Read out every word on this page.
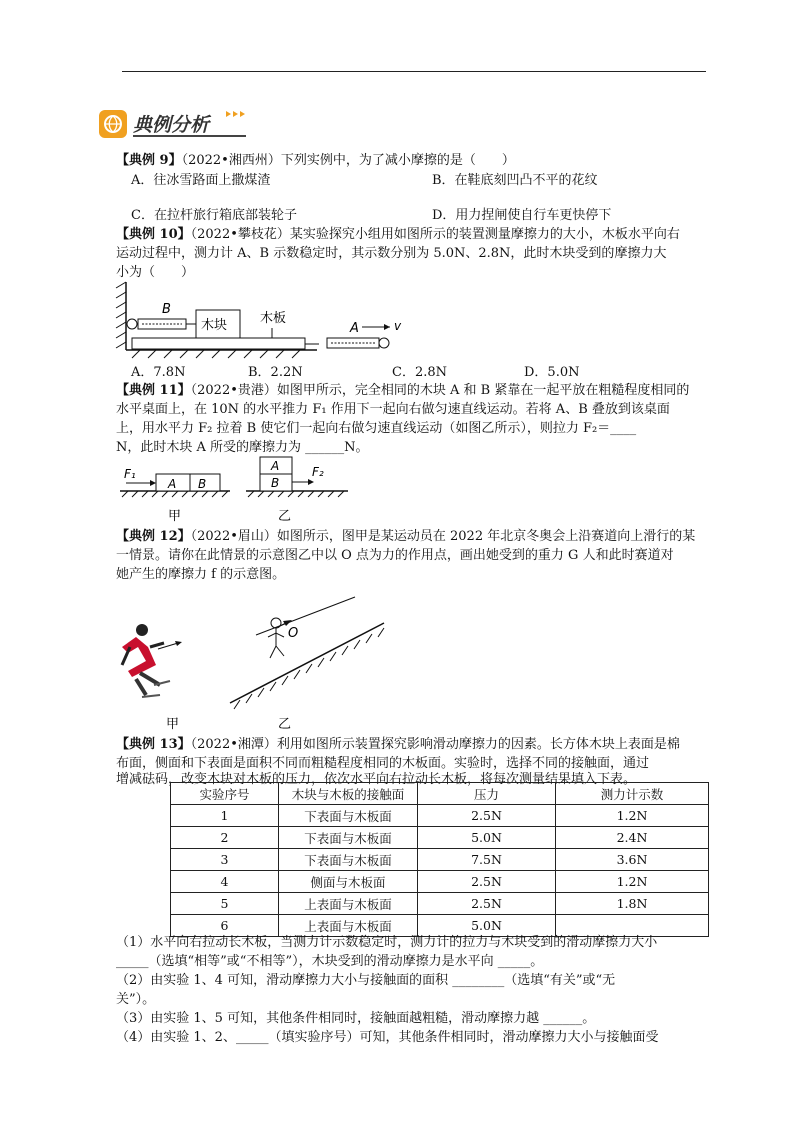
典例分析
【典例 9】（2022•湘西州）下列实例中，为了减小摩擦的是（　　）
A．往冰雪路面上撒煤渣	B．在鞋底刻凹凸不平的花纹
C．在拉杆旅行箱底部装轮子	D．用力捏闸使自行车更快停下
【典例 10】（2022•攀枝花）某实验探究小组用如图所示的装置测量摩擦力的大小，木板水平向右
运动过程中，测力计 A、B 示数稳定时，其示数分别为 5.0N、2.8N，此时木块受到的摩擦力大
小为（　　）
木块
B
木板
A	v
A．7.8N	B．2.2N	C．2.8N	D．5.0N
【典例 11】（2022•贵港）如图甲所示，完全相同的木块 A 和 B 紧靠在一起平放在粗糙程度相同的
水平桌面上，在 10N 的水平推力 F₁ 作用下一起向右做匀速直线运动。若将 A、B 叠放到该桌面
上，用水平力 F₂ 拉着 B 使它们一起向右做匀速直线运动（如图乙所示），则拉力 F₂＝____
N，此时木块 A 所受的摩擦力为 ______N。
A B
F₁
A
B
F₂
甲	乙
【典例 12】（2022•眉山）如图所示，图甲是某运动员在 2022 年北京冬奥会上沿赛道向上滑行的某
一情景。请你在此情景的示意图乙中以 O 点为力的作用点，画出她受到的重力 G 人和此时赛道对
她产生的摩擦力 f 的示意图。
O
甲	乙
【典例 13】（2022•湘潭）利用如图所示装置探究影响滑动摩擦力的因素。长方体木块上表面是棉
布面，侧面和下表面是面积不同而粗糙程度相同的木板面。实验时，选择不同的接触面，通过
增减砝码，改变木块对木板的压力，依次水平向右拉动长木板，将每次测量结果填入下表。
实验序号	木块与木板的接触面	压力	测力计示数
1	下表面与木板面	2.5N	1.2N
2	下表面与木板面	5.0N	2.4N
3	下表面与木板面	7.5N	3.6N
4	侧面与木板面	2.5N	1.2N
5	上表面与木板面	2.5N	1.8N
6	上表面与木板面	5.0N	
（1）水平向右拉动长木板，当测力计示数稳定时，测力计的拉力与木块受到的滑动摩擦力大小
_____（选填“相等”或“不相等”），木块受到的滑动摩擦力是水平向 _____。
（2）由实验 1、4 可知，滑动摩擦力大小与接触面的面积 ________（选填“有关”或“无
关”）。
（3）由实验 1、5 可知，其他条件相同时，接触面越粗糙，滑动摩擦力越 ______。
（4）由实验 1、2、_____（填实验序号）可知，其他条件相同时，滑动摩擦力大小与接触面受
